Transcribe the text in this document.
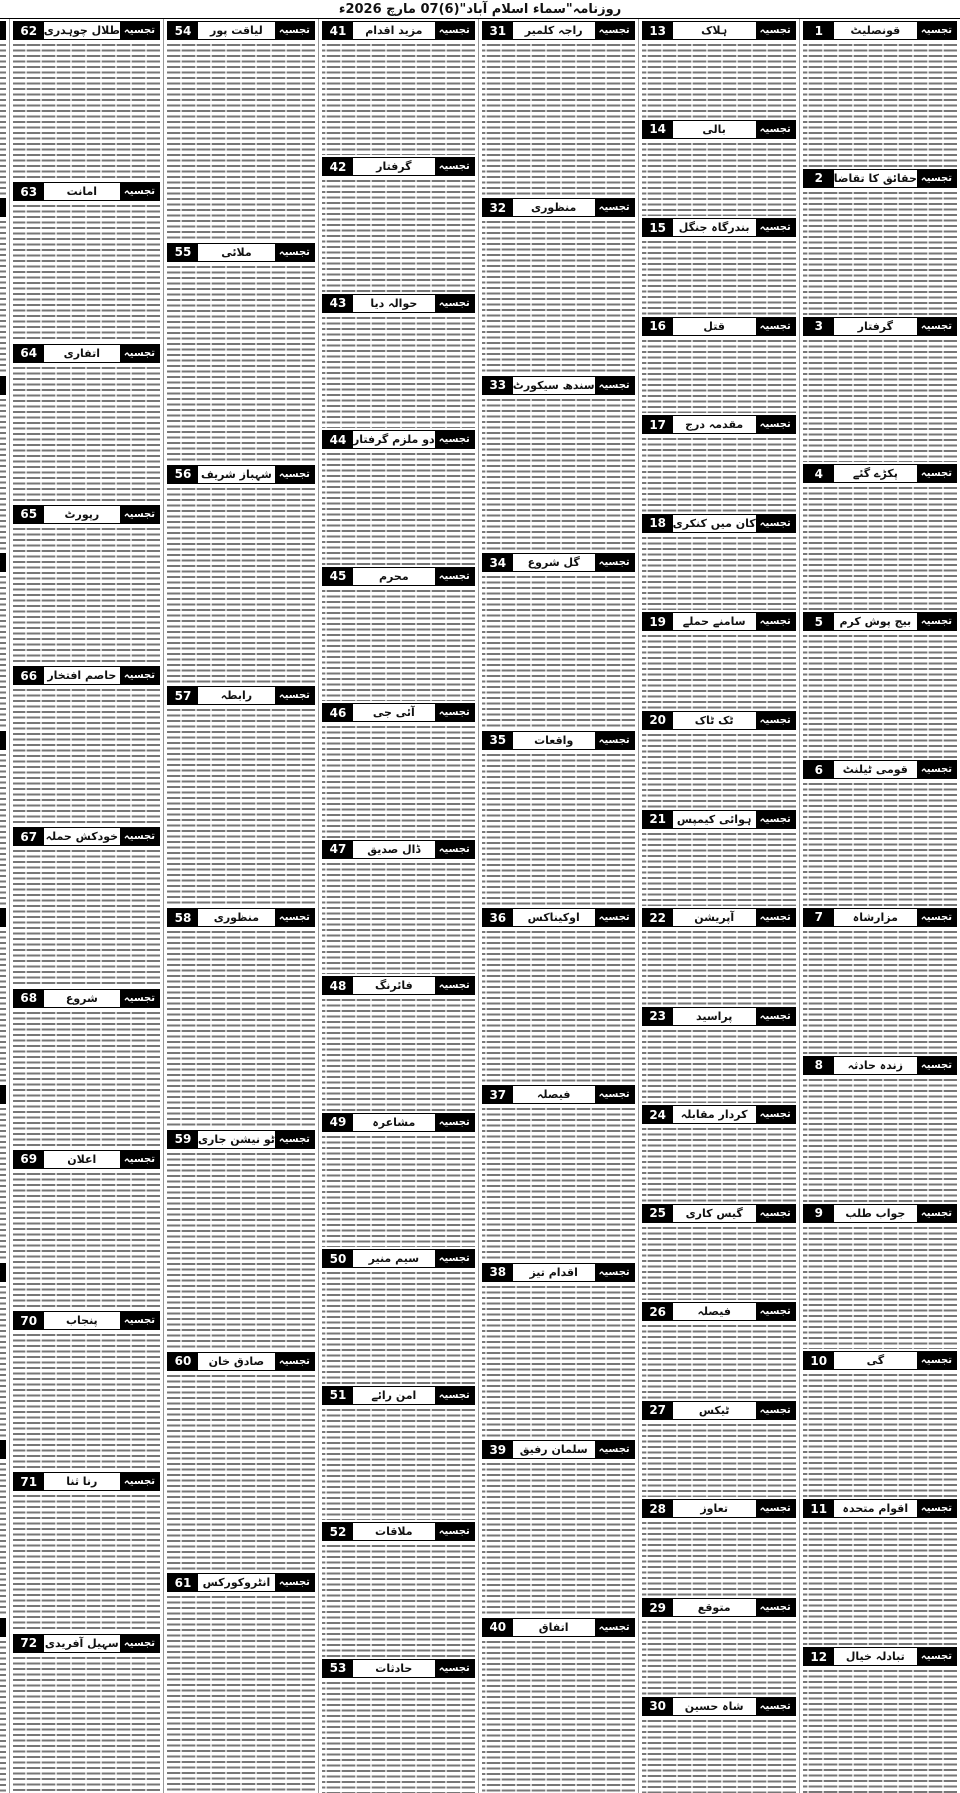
روزنامہ"سماء اسلام آباد"
(6)
07 مارچ 2026ء
تجسیہ
قونصلیٹ
1
تجسیہ
حقائق کا تقاضا
2
تجسیہ
گرفتار
3
تجسیہ
پکڑے گئے
4
تجسیہ
بیج پوش کرم
5
تجسیہ
قومی ٹیلنٹ
6
تجسیہ
مزارشاہ
7
تجسیہ
زندہ حادثہ
8
تجسیہ
جواب طلب
9
تجسیہ
گی
10
تجسیہ
اقوام متحدہ
11
تجسیہ
تبادلہ خیال
12
تجسیہ
ہلاک
13
تجسیہ
بالی
14
تجسیہ
بندرگاہ جنگل
15
تجسیہ
قتل
16
تجسیہ
مقدمہ درج
17
تجسیہ
کان میں کنکری
18
تجسیہ
سامنے حملے
19
تجسیہ
ٹک ٹاک
20
تجسیہ
ہوائی کیمپس
21
تجسیہ
آپریشن
22
تجسیہ
پراسید
23
تجسیہ
کردار مقابلہ
24
تجسیہ
گیس کاری
25
تجسیہ
فیصلہ
26
تجسیہ
ٹیکس
27
تجسیہ
تعاوز
28
تجسیہ
متوقع
29
تجسیہ
شاہ حسین
30
تجسیہ
راجہ کلمیر
31
تجسیہ
منظوری
32
تجسیہ
سندھ سیکورٹ
33
تجسیہ
گل شروع
34
تجسیہ
واقعات
35
تجسیہ
اوکیناکس
36
تجسیہ
فیصلہ
37
تجسیہ
اقدام تیز
38
تجسیہ
سلمان رفیق
39
تجسیہ
اتفاق
40
تجسیہ
مزید اقدام
41
تجسیہ
گرفتار
42
تجسیہ
حوالہ دیا
43
تجسیہ
دو ملزم گرفتار
44
تجسیہ
محرم
45
تجسیہ
آئی جی
46
تجسیہ
ڈال صدیق
47
تجسیہ
فائرنگ
48
تجسیہ
مشاعرہ
49
تجسیہ
سیم منیر
50
تجسیہ
امن رائے
51
تجسیہ
ملاقات
52
تجسیہ
حادثات
53
تجسیہ
لیاقت پور
54
تجسیہ
ملائی
55
تجسیہ
شہباز شریف
56
تجسیہ
رابطہ
57
تجسیہ
منظوری
58
تجسیہ
ٹو نیشن جاری
59
تجسیہ
صادق خان
60
تجسیہ
انٹروکورکس
61
تجسیہ
طلال چوہدری
62
تجسیہ
امانت
63
تجسیہ
اتفاری
64
تجسیہ
رپورٹ
65
تجسیہ
حاصم افتخار
66
تجسیہ
خودکش حملہ
67
تجسیہ
شروع
68
تجسیہ
اعلان
69
تجسیہ
پنجاب
70
تجسیہ
رنا ثنا
71
تجسیہ
سہیل آفریدی
72
